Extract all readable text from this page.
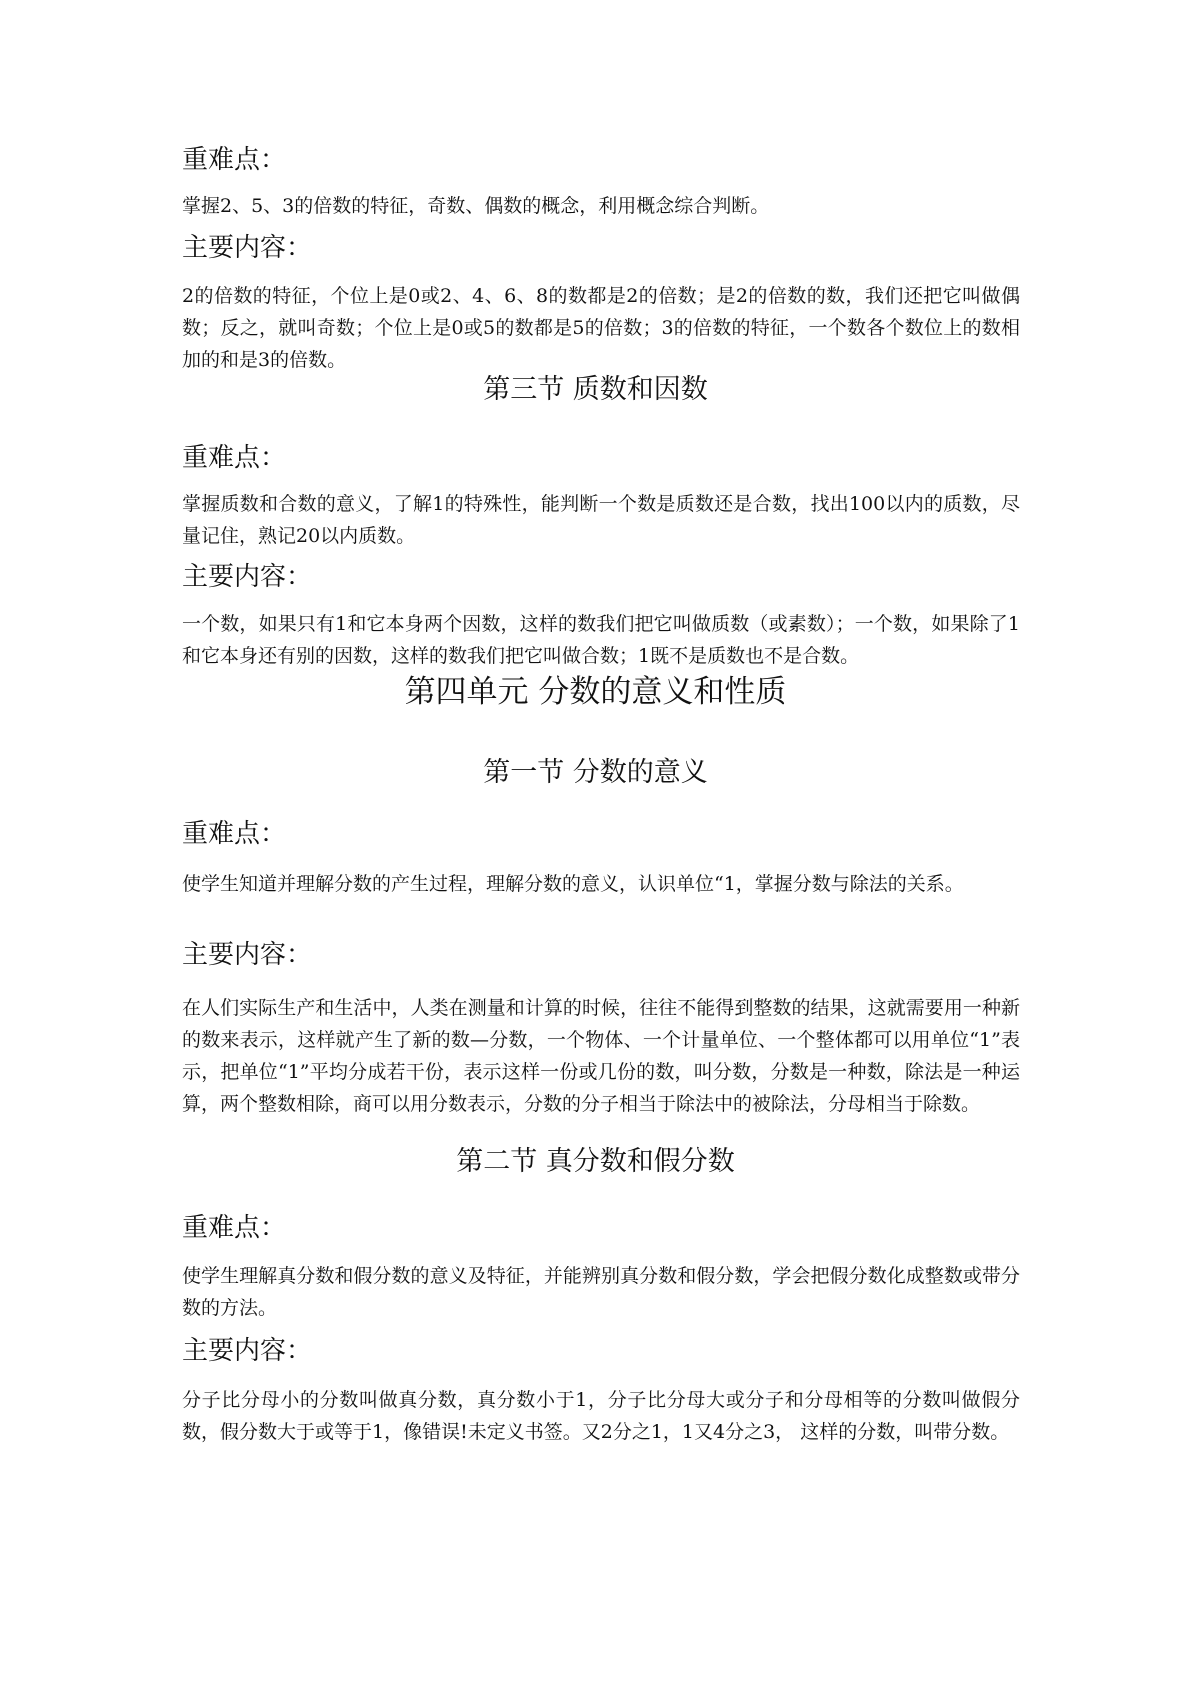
重难点：
掌握2、5、3的倍数的特征，奇数、偶数的概念，利用概念综合判断。
主要内容：
2的倍数的特征，个位上是0或2、4、6、8的数都是2的倍数；是2的倍数的数，我们还把它叫做偶数；反之，就叫奇数；个位上是0或5的数都是5的倍数；3的倍数的特征，一个数各个数位上的数相加的和是3的倍数。
第三节 质数和因数
重难点：
掌握质数和合数的意义，了解1的特殊性，能判断一个数是质数还是合数，找出100以内的质数，尽量记住，熟记20以内质数。
主要内容：
一个数，如果只有1和它本身两个因数，这样的数我们把它叫做质数（或素数）；一个数，如果除了1和它本身还有别的因数，这样的数我们把它叫做合数；1既不是质数也不是合数。
第四单元 分数的意义和性质
第一节 分数的意义
重难点：
使学生知道并理解分数的产生过程，理解分数的意义，认识单位“1，掌握分数与除法的关系。
主要内容：
在人们实际生产和生活中，人类在测量和计算的时候，往往不能得到整数的结果，这就需要用一种新的数来表示，这样就产生了新的数—分数，一个物体、一个计量单位、一个整体都可以用单位“1”表示，把单位“1”平均分成若干份，表示这样一份或几份的数，叫分数，分数是一种数，除法是一种运算，两个整数相除，商可以用分数表示，分数的分子相当于除法中的被除法，分母相当于除数。
第二节 真分数和假分数
重难点：
使学生理解真分数和假分数的意义及特征，并能辨别真分数和假分数，学会把假分数化成整数或带分数的方法。
主要内容：
分子比分母小的分数叫做真分数，真分数小于1，分子比分母大或分子和分母相等的分数叫做假分数，假分数大于或等于1，像错误!未定义书签。又2分之1，1又4分之3， 这样的分数，叫带分数。
